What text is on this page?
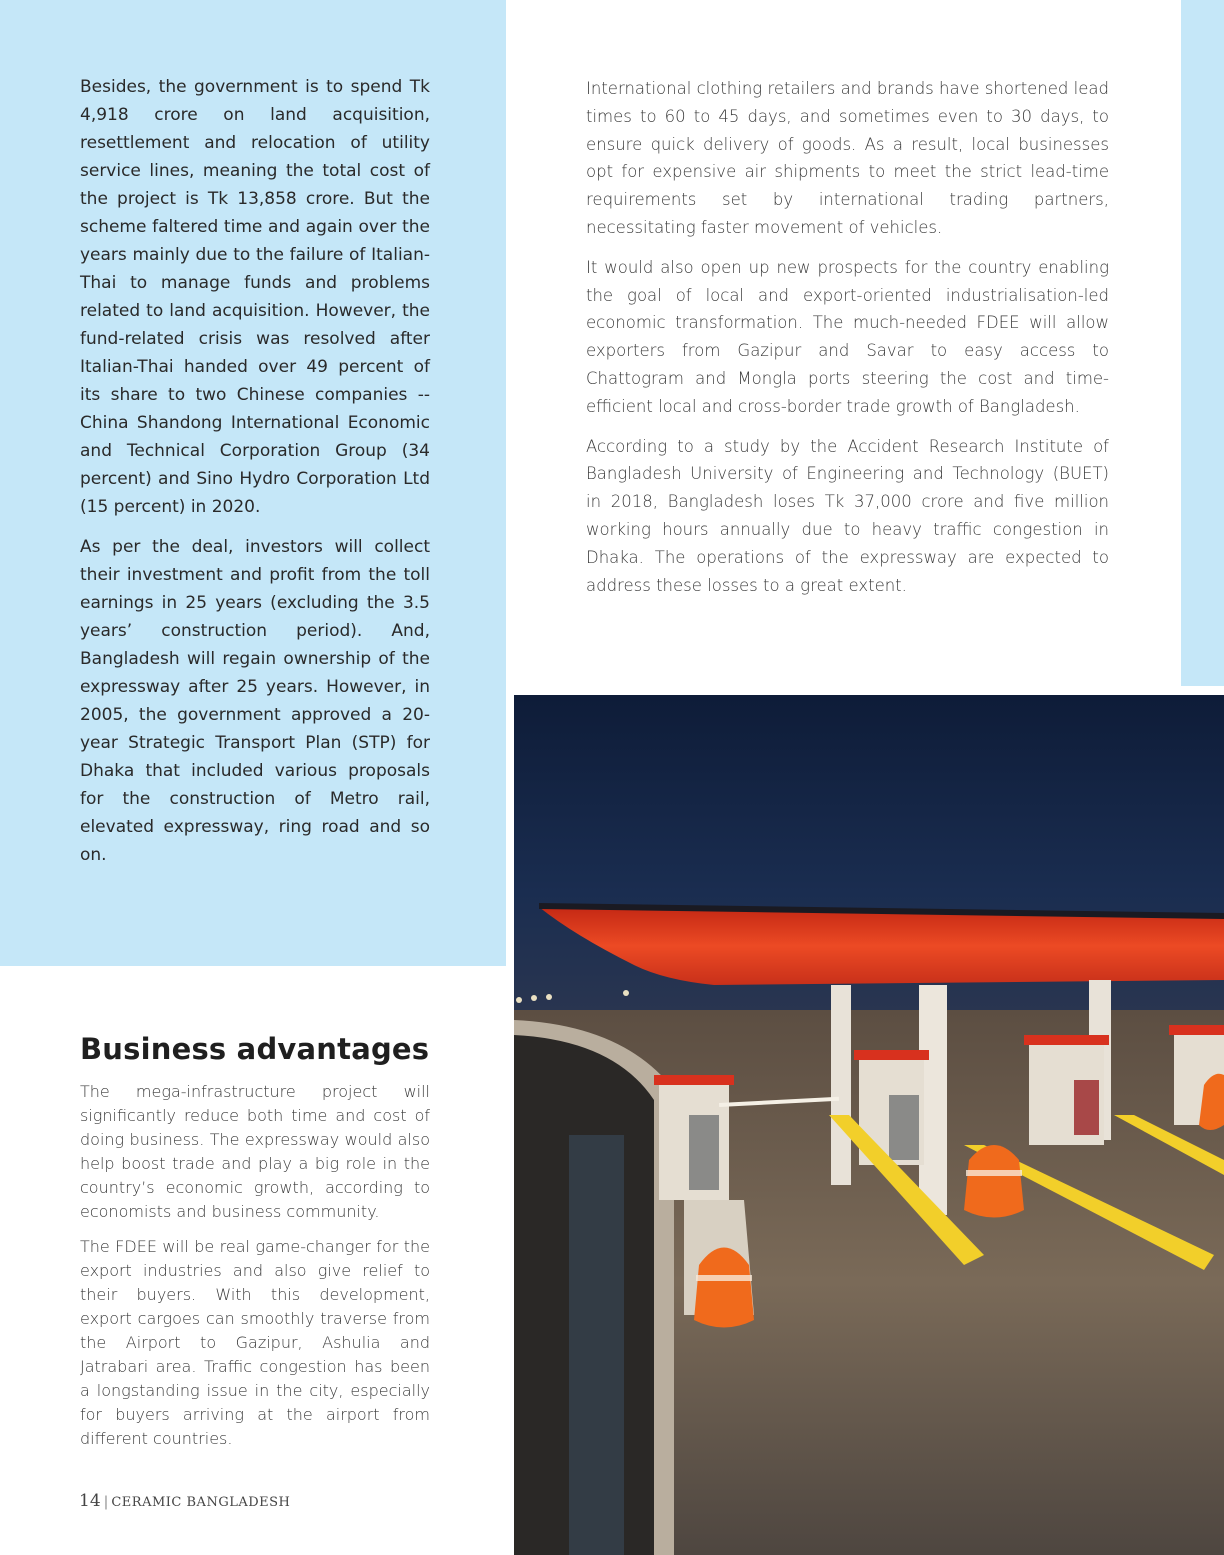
Besides, the government is to spend Tk 4,918 crore on land acquisition, resettlement and relocation of utility service lines, meaning the total cost of the project is Tk 13,858 crore. But the scheme faltered time and again over the years mainly due to the failure of Italian-Thai to manage funds and problems related to land acquisition. However, the fund-related crisis was resolved after Italian-Thai handed over 49 percent of its share to two Chinese companies -- China Shandong International Economic and Technical Corporation Group (34 percent) and Sino Hydro Corporation Ltd (15 percent) in 2020.

As per the deal, investors will collect their investment and profit from the toll earnings in 25 years (excluding the 3.5 years’ construction period). And, Bangladesh will regain ownership of the expressway after 25 years. However, in 2005, the government approved a 20-year Strategic Transport Plan (STP) for Dhaka that included various proposals for the construction of Metro rail, elevated expressway, ring road and so on.

International clothing retailers and brands have shortened lead times to 60 to 45 days, and sometimes even to 30 days, to ensure quick delivery of goods. As a result, local businesses opt for expensive air shipments to meet the strict lead-time requirements set by international trading partners, necessitating faster movement of vehicles.

It would also open up new prospects for the country enabling the goal of local and export-oriented industrialisation-led economic transformation. The much-needed FDEE will allow exporters from Gazipur and Savar to easy access to Chattogram and Mongla ports steering the cost and time-efficient local and cross-border trade growth of Bangladesh.

According to a study by the Accident Research Institute of Bangladesh University of Engineering and Technology (BUET) in 2018, Bangladesh loses Tk 37,000 crore and five million working hours annually due to heavy traffic congestion in Dhaka. The operations of the expressway are expected to address these losses to a great extent.

Business advantages

The mega-infrastructure project will significantly reduce both time and cost of doing business. The expressway would also help boost trade and play a big role in the country’s economic growth, according to economists and business community.

The FDEE will be real game-changer for the export industries and also give relief to their buyers. With this development, export cargoes can smoothly traverse from the Airport to Gazipur, Ashulia and Jatrabari area. Traffic congestion has been a longstanding issue in the city, especially for buyers arriving at the airport from different countries.

14 | CERAMIC BANGLADESH
